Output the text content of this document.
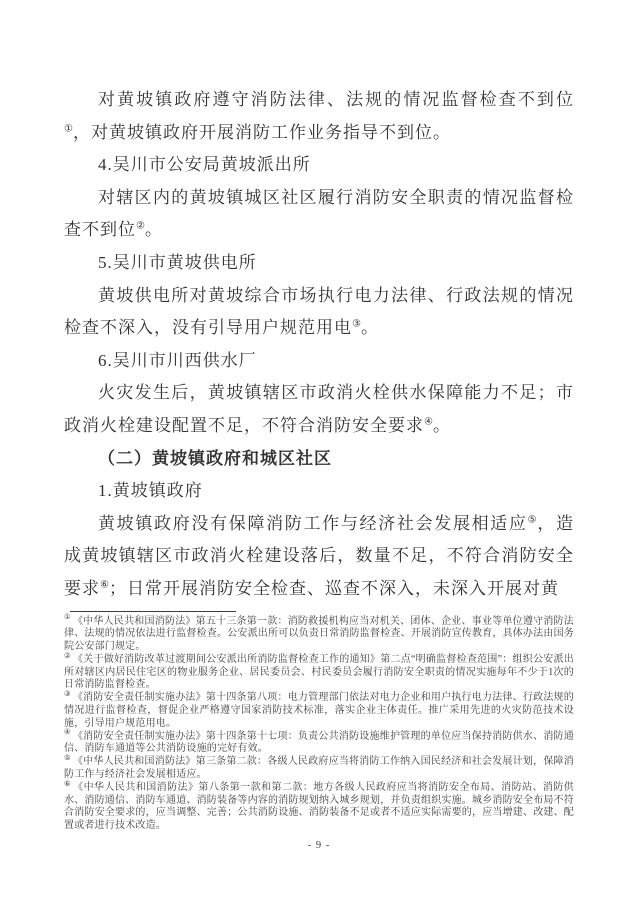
对黄坡镇政府遵守消防法律、法规的情况监督检查不到位①，对黄坡镇政府开展消防工作业务指导不到位。

4.吴川市公安局黄坡派出所

对辖区内的黄坡镇城区社区履行消防安全职责的情况监督检查不到位②。

5.吴川市黄坡供电所

黄坡供电所对黄坡综合市场执行电力法律、行政法规的情况检查不深入，没有引导用户规范用电③。

6.吴川市川西供水厂

火灾发生后，黄坡镇辖区市政消火栓供水保障能力不足；市政消火栓建设配置不足，不符合消防安全要求④。

（二）黄坡镇政府和城区社区

1.黄坡镇政府

黄坡镇政府没有保障消防工作与经济社会发展相适应⑤，造成黄坡镇辖区市政消火栓建设落后，数量不足，不符合消防安全要求⑥；日常开展消防安全检查、巡查不深入，未深入开展对黄

① 《中华人民共和国消防法》第五十三条第一款：消防救援机构应当对机关、团体、企业、事业等单位遵守消防法律、法规的情况依法进行监督检查。公安派出所可以负责日常消防监督检查、开展消防宣传教育，具体办法由国务院公安部门规定。

② 《关于做好消防改革过渡期间公安派出所消防监督检查工作的通知》第二点“明确监督检查范围”：组织公安派出所对辖区内居民住宅区的物业服务企业、居民委员会、村民委员会履行消防安全职责的情况实施每年不少于1次的日常消防监督检查。

③ 《消防安全责任制实施办法》第十四条第八项：电力管理部门依法对电力企业和用户执行电力法律、行政法规的情况进行监督检查，督促企业严格遵守国家消防技术标准，落实企业主体责任。推广采用先进的火灾防范技术设施，引导用户规范用电。

④ 《消防安全责任制实施办法》第十四条第十七项：负责公共消防设施维护管理的单位应当保持消防供水、消防通信、消防车通道等公共消防设施的完好有效。

⑤ 《中华人民共和国消防法》第三条第二款：各级人民政府应当将消防工作纳入国民经济和社会发展计划，保障消防工作与经济社会发展相适应。

⑥ 《中华人民共和国消防法》第八条第一款和第二款：地方各级人民政府应当将消防安全布局、消防站、消防供水、消防通信、消防车通道、消防装备等内容的消防规划纳入城乡规划，并负责组织实施。城乡消防安全布局不符合消防安全要求的，应当调整、完善；公共消防设施、消防装备不足或者不适应实际需要的，应当增建、改建、配置或者进行技术改造。

- 9 -
